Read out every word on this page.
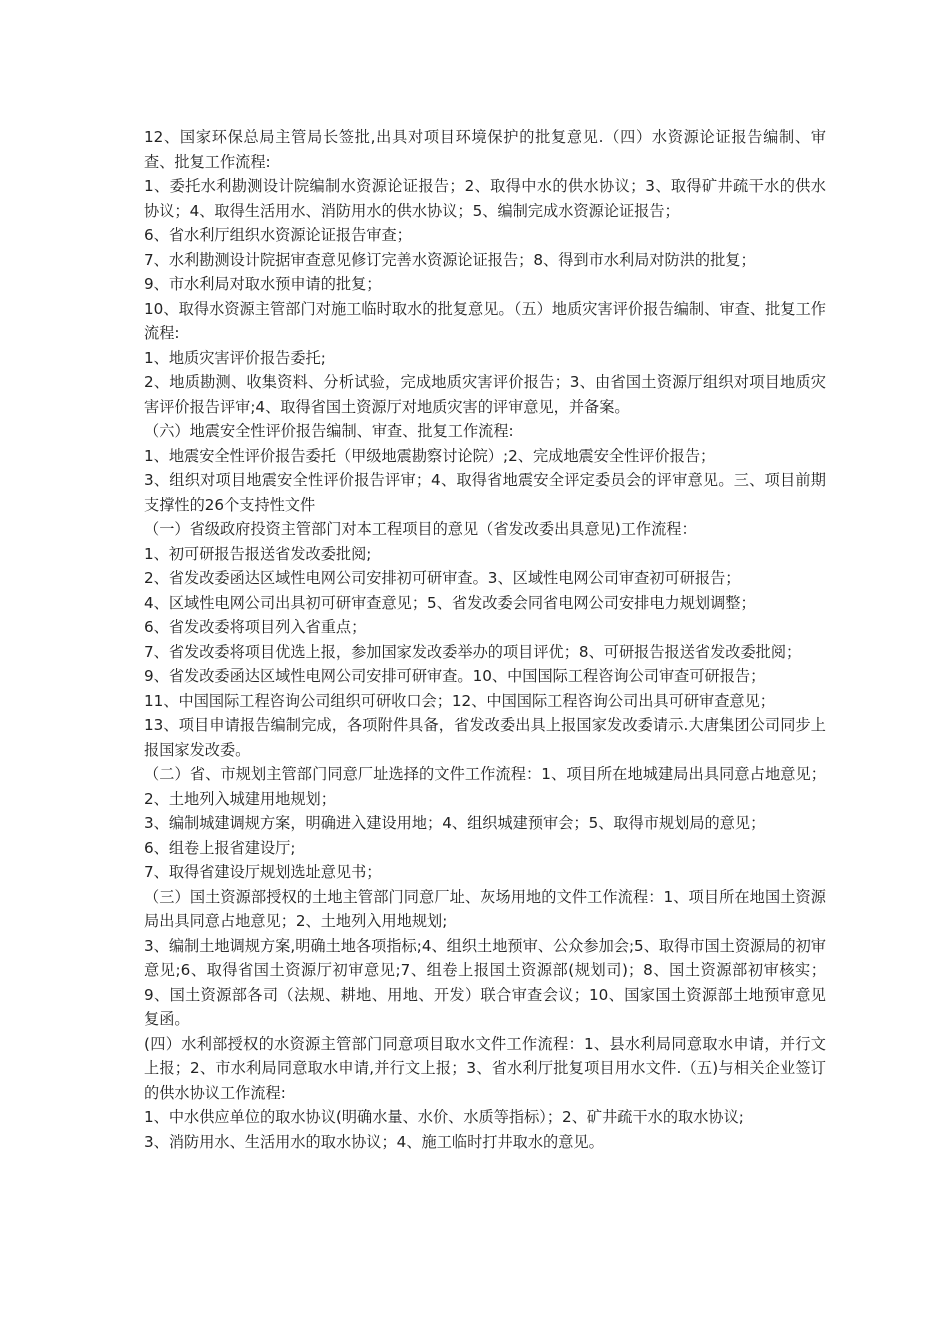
12、国家环保总局主管局长签批,出具对项目环境保护的批复意见.（四）水资源论证报告编制、审查、批复工作流程:

1、委托水利勘测设计院编制水资源论证报告；2、取得中水的供水协议；3、取得矿井疏干水的供水协议；4、取得生活用水、消防用水的供水协议；5、编制完成水资源论证报告；

6、省水利厅组织水资源论证报告审查；

7、水利勘测设计院据审查意见修订完善水资源论证报告；8、得到市水利局对防洪的批复；

9、市水利局对取水预申请的批复；

10、取得水资源主管部门对施工临时取水的批复意见。（五）地质灾害评价报告编制、审查、批复工作流程:

1、地质灾害评价报告委托;

2、地质勘测、收集资料、分析试验，完成地质灾害评价报告；3、由省国土资源厅组织对项目地质灾害评价报告评审;4、取得省国土资源厅对地质灾害的评审意见，并备案。

（六）地震安全性评价报告编制、审查、批复工作流程:

1、地震安全性评价报告委托（甲级地震勘察讨论院）;2、完成地震安全性评价报告；

3、组织对项目地震安全性评价报告评审；4、取得省地震安全评定委员会的评审意见。三、项目前期支撑性的26个支持性文件

（一）省级政府投资主管部门对本工程项目的意见（省发改委出具意见)工作流程：

1、初可研报告报送省发改委批阅;

2、省发改委函达区域性电网公司安排初可研审查。3、区域性电网公司审查初可研报告；

4、区域性电网公司出具初可研审查意见；5、省发改委会同省电网公司安排电力规划调整；

6、省发改委将项目列入省重点；

7、省发改委将项目优选上报，参加国家发改委举办的项目评优；8、可研报告报送省发改委批阅；

9、省发改委函达区域性电网公司安排可研审查。10、中国国际工程咨询公司审查可研报告；

11、中国国际工程咨询公司组织可研收口会；12、中国国际工程咨询公司出具可研审查意见；

13、项目申请报告编制完成，各项附件具备，省发改委出具上报国家发改委请示.大唐集团公司同步上报国家发改委。

（二）省、市规划主管部门同意厂址选择的文件工作流程：1、项目所在地城建局出具同意占地意见；2、土地列入城建用地规划；

3、编制城建调规方案，明确进入建设用地；4、组织城建预审会；5、取得市规划局的意见；

6、组卷上报省建设厅;

7、取得省建设厅规划选址意见书；

（三）国土资源部授权的土地主管部门同意厂址、灰场用地的文件工作流程：1、项目所在地国土资源局出具同意占地意见；2、土地列入用地规划;

3、编制土地调规方案,明确土地各项指标;4、组织土地预审、公众参加会;5、取得市国土资源局的初审意见;6、取得省国土资源厅初审意见;7、组卷上报国土资源部(规划司)；8、国土资源部初审核实；9、国土资源部各司（法规、耕地、用地、开发）联合审查会议；10、国家国土资源部土地预审意见复函。

(四）水利部授权的水资源主管部门同意项目取水文件工作流程：1、县水利局同意取水申请，并行文上报；2、市水利局同意取水申请,并行文上报；3、省水利厅批复项目用水文件.（五)与相关企业签订的供水协议工作流程:

1、中水供应单位的取水协议(明确水量、水价、水质等指标）；2、矿井疏干水的取水协议;

3、消防用水、生活用水的取水协议；4、施工临时打井取水的意见。
